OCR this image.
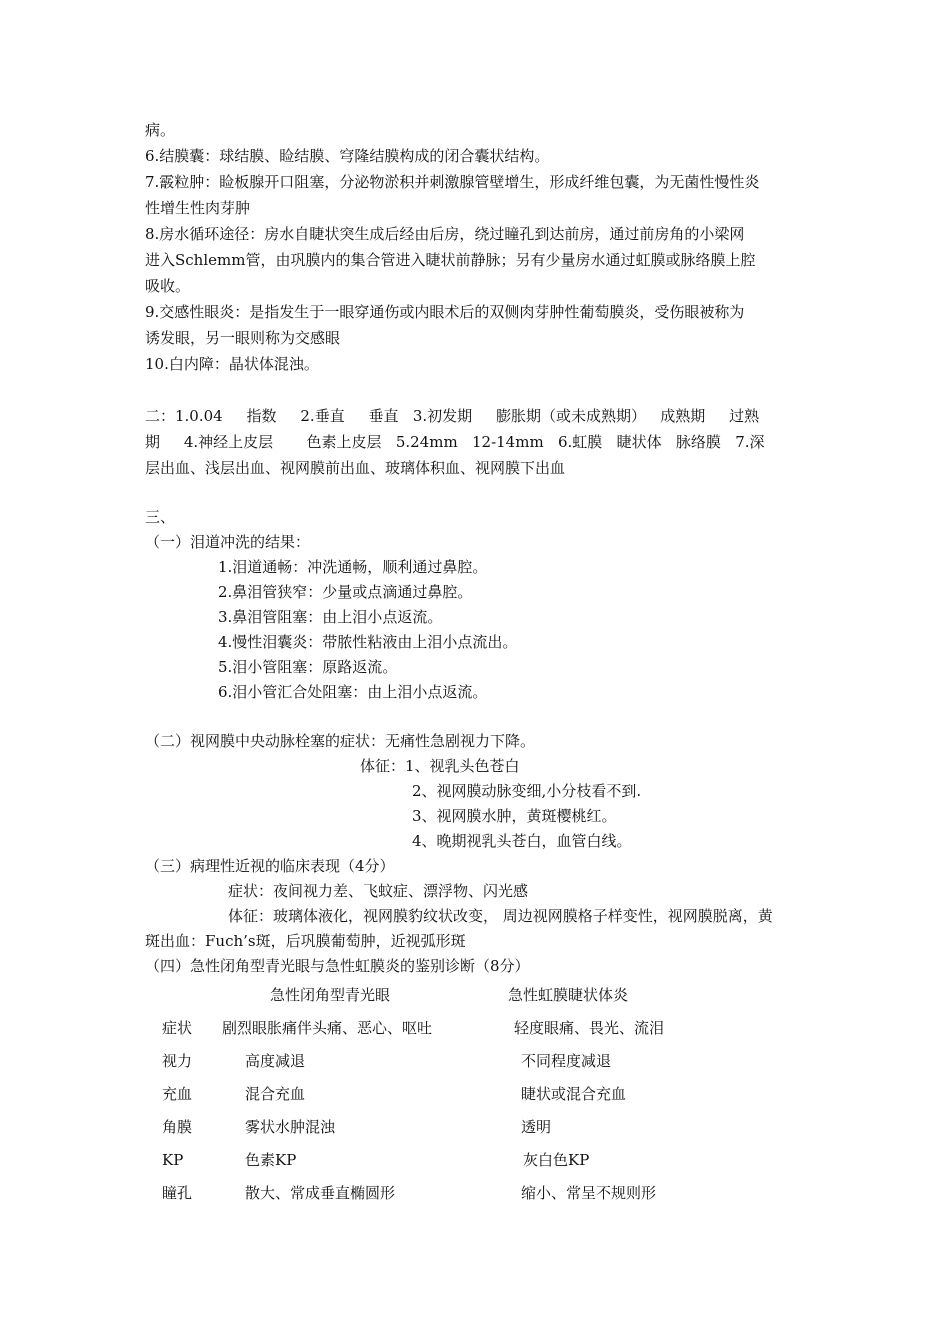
病。
6.结膜囊：球结膜、睑结膜、穹隆结膜构成的闭合囊状结构。
7.霰粒肿：睑板腺开口阻塞，分泌物淤积并刺激腺管壁增生，形成纤维包囊，为无菌性慢性炎
性增生性肉芽肿
8.房水循环途径：房水自睫状突生成后经由后房，绕过瞳孔到达前房，通过前房角的小梁网
进入Schlemm管，由巩膜内的集合管进入睫状前静脉；另有少量房水通过虹膜或脉络膜上腔
吸收。
9.交感性眼炎：是指发生于一眼穿通伤或内眼术后的双侧肉芽肿性葡萄膜炎，受伤眼被称为
诱发眼，另一眼则称为交感眼
10.白内障：晶状体混浊。
二：1.0.04     指数     2.垂直     垂直   3.初发期     膨胀期（或未成熟期）   成熟期     过熟
期     4.神经上皮层       色素上皮层   5.24mm   12-14mm   6.虹膜   睫状体   脉络膜   7.深
层出血、浅层出血、视网膜前出血、玻璃体积血、视网膜下出血
三、
（一）泪道冲洗的结果：
1.泪道通畅：冲洗通畅，顺利通过鼻腔。
2.鼻泪管狭窄：少量或点滴通过鼻腔。
3.鼻泪管阻塞：由上泪小点返流。
4.慢性泪囊炎：带脓性粘液由上泪小点流出。
5.泪小管阻塞：原路返流。
6.泪小管汇合处阻塞：由上泪小点返流。
（二）视网膜中央动脉栓塞的症状：无痛性急剧视力下降。
体征：1、视乳头色苍白
2、视网膜动脉变细,小分枝看不到.
3、视网膜水肿，黄斑樱桃红。
4、晚期视乳头苍白，血管白线。
（三）病理性近视的临床表现（4分）
症状：夜间视力差、飞蚊症、漂浮物、闪光感
体征：玻璃体液化，视网膜豹纹状改变， 周边视网膜格子样变性，视网膜脱离，黄
斑出血：Fuch’s斑，后巩膜葡萄肿，近视弧形斑
（四）急性闭角型青光眼与急性虹膜炎的鉴别诊断（8分）
急性闭角型青光眼	急性虹膜睫状体炎
症状 剧烈眼胀痛伴头痛、恶心、呕吐	轻度眼痛、畏光、流泪
视力	高度减退	不同程度减退
充血	混合充血	睫状或混合充血
角膜	雾状水肿混浊	透明
KP	色素KP	灰白色KP
瞳孔	散大、常成垂直椭圆形	缩小、常呈不规则形
